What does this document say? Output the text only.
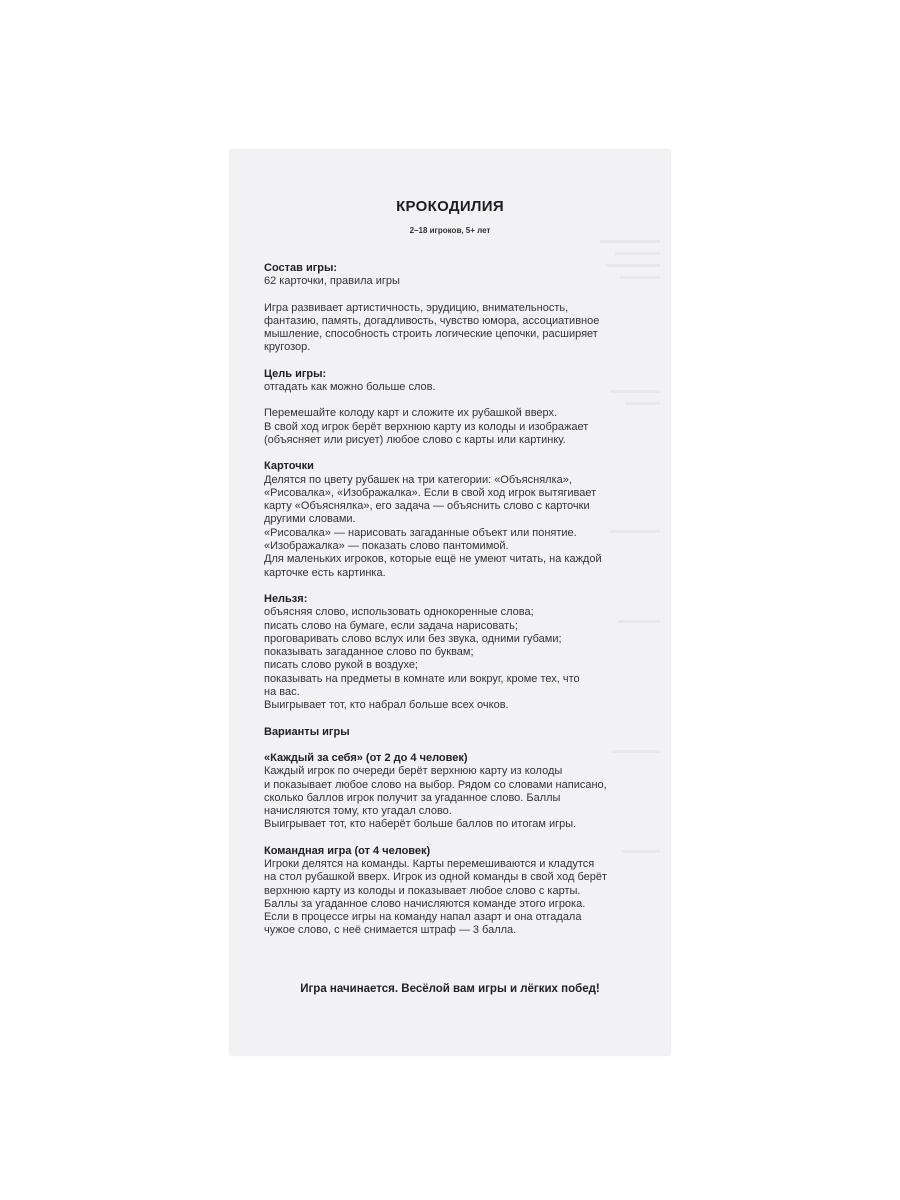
КРОКОДИЛИЯ
2–18 игроков, 5+ лет
Состав игры:
62 карточки, правила игры
Игра развивает артистичность, эрудицию, внимательность,
фантазию, память, догадливость, чувство юмора, ассоциативное
мышление, способность строить логические цепочки, расширяет
кругозор.
Цель игры:
отгадать как можно больше слов.
Перемешайте колоду карт и сложите их рубашкой вверх.
В свой ход игрок берёт верхнюю карту из колоды и изображает
(объясняет или рисует) любое слово с карты или картинку.
Карточки
Делятся по цвету рубашек на три категории: «Объяснялка»,
«Рисовалка», «Изображалка». Если в свой ход игрок вытягивает
карту «Объяснялка», его задача — объяснить слово с карточки
другими словами.
«Рисовалка» — нарисовать загаданные объект или понятие.
«Изображалка» — показать слово пантомимой.
Для маленьких игроков, которые ещё не умеют читать, на каждой
карточке есть картинка.
Нельзя:
объясняя слово, использовать однокоренные слова;
писать слово на бумаге, если задача нарисовать;
проговаривать слово вслух или без звука, одними губами;
показывать загаданное слово по буквам;
писать слово рукой в воздухе;
показывать на предметы в комнате или вокруг, кроме тех, что
на вас.
Выигрывает тот, кто набрал больше всех очков.
Варианты игры
«Каждый за себя» (от 2 до 4 человек)
Каждый игрок по очереди берёт верхнюю карту из колоды
и показывает любое слово на выбор. Рядом со словами написано,
сколько баллов игрок получит за угаданное слово. Баллы
начисляются тому, кто угадал слово.
Выигрывает тот, кто наберёт больше баллов по итогам игры.
Командная игра (от 4 человек)
Игроки делятся на команды. Карты перемешиваются и кладутся
на стол рубашкой вверх. Игрок из одной команды в свой ход берёт
верхнюю карту из колоды и показывает любое слово с карты.
Баллы за угаданное слово начисляются команде этого игрока.
Если в процессе игры на команду напал азарт и она отгадала
чужое слово, с неё снимается штраф — 3 балла.
Игра начинается. Весёлой вам игры и лёгких побед!
